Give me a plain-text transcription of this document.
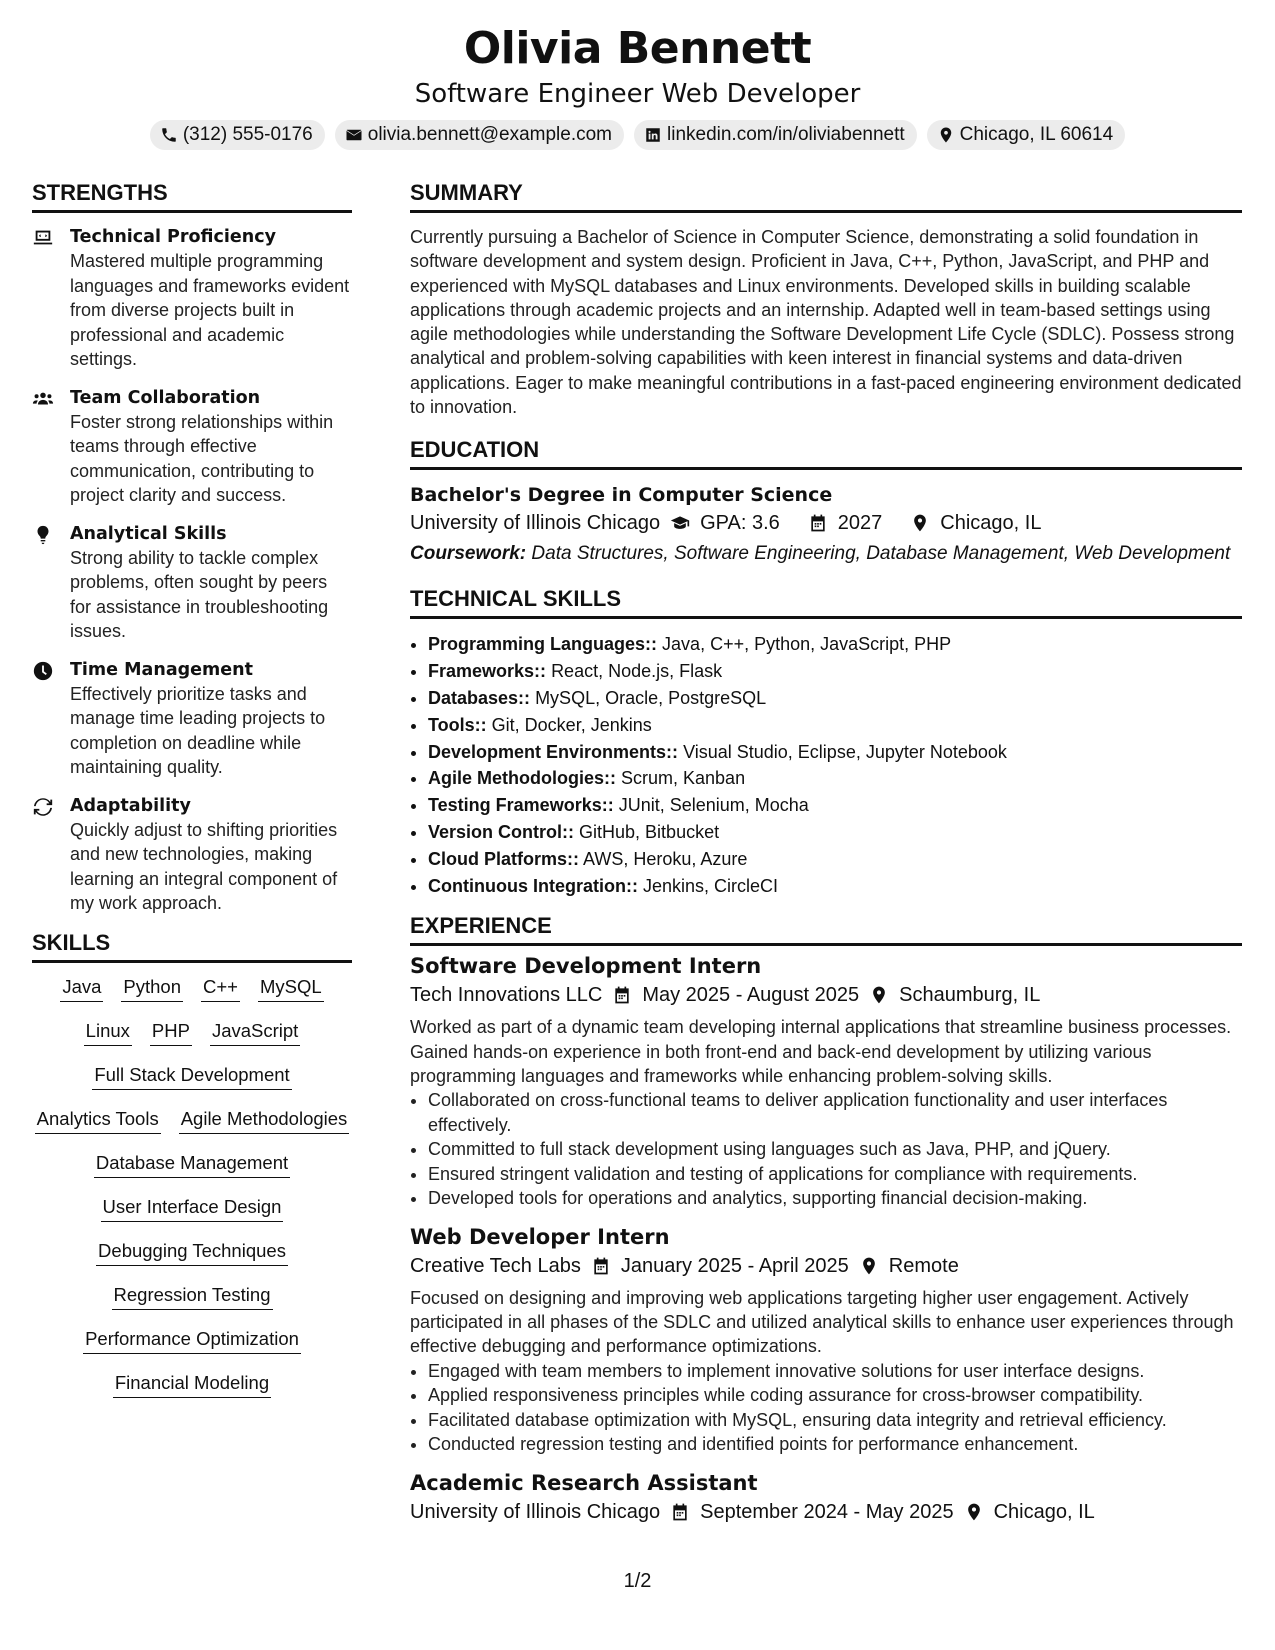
Olivia Bennett
Software Engineer Web Developer
(312) 555-0176	olivia.bennett@example.com	linkedin.com/in/oliviabennett	Chicago, IL 60614
STRENGTHS
Technical Proficiency
Mastered multiple programming languages and frameworks evident from diverse projects built in professional and academic settings.
Team Collaboration
Foster strong relationships within teams through effective communication, contributing to project clarity and success.
Analytical Skills
Strong ability to tackle complex problems, often sought by peers for assistance in troubleshooting issues.
Time Management
Effectively prioritize tasks and manage time leading projects to completion on deadline while maintaining quality.
Adaptability
Quickly adjust to shifting priorities and new technologies, making learning an integral component of my work approach.
SKILLS
Java Python C++ MySQL
Linux PHP JavaScript
Full Stack Development
Analytics Tools Agile Methodologies
Database Management
User Interface Design
Debugging Techniques
Regression Testing
Performance Optimization
Financial Modeling
SUMMARY
Currently pursuing a Bachelor of Science in Computer Science, demonstrating a solid foundation in software development and system design. Proficient in Java, C++, Python, JavaScript, and PHP and experienced with MySQL databases and Linux environments. Developed skills in building scalable applications through academic projects and an internship. Adapted well in team-based settings using agile methodologies while understanding the Software Development Life Cycle (SDLC). Possess strong analytical and problem-solving capabilities with keen interest in financial systems and data-driven applications. Eager to make meaningful contributions in a fast-paced engineering environment dedicated to innovation.
EDUCATION
Bachelor's Degree in Computer Science
University of Illinois Chicago GPA: 3.6	2027	Chicago, IL
Coursework: Data Structures, Software Engineering, Database Management, Web Development
TECHNICAL SKILLS
• Programming Languages:: Java, C++, Python, JavaScript, PHP
• Frameworks:: React, Node.js, Flask
• Databases:: MySQL, Oracle, PostgreSQL
• Tools:: Git, Docker, Jenkins
• Development Environments:: Visual Studio, Eclipse, Jupyter Notebook
• Agile Methodologies:: Scrum, Kanban
• Testing Frameworks:: JUnit, Selenium, Mocha
• Version Control:: GitHub, Bitbucket
• Cloud Platforms:: AWS, Heroku, Azure
• Continuous Integration:: Jenkins, CircleCI
EXPERIENCE
Software Development Intern
Tech Innovations LLC May 2025 - August 2025 Schaumburg, IL
Worked as part of a dynamic team developing internal applications that streamline business processes. Gained hands-on experience in both front-end and back-end development by utilizing various programming languages and frameworks while enhancing problem-solving skills.
• Collaborated on cross-functional teams to deliver application functionality and user interfaces effectively.
• Committed to full stack development using languages such as Java, PHP, and jQuery.
• Ensured stringent validation and testing of applications for compliance with requirements.
• Developed tools for operations and analytics, supporting financial decision-making.
Web Developer Intern
Creative Tech Labs January 2025 - April 2025 Remote
Focused on designing and improving web applications targeting higher user engagement. Actively participated in all phases of the SDLC and utilized analytical skills to enhance user experiences through effective debugging and performance optimizations.
• Engaged with team members to implement innovative solutions for user interface designs.
• Applied responsiveness principles while coding assurance for cross-browser compatibility.
• Facilitated database optimization with MySQL, ensuring data integrity and retrieval efficiency.
• Conducted regression testing and identified points for performance enhancement.
Academic Research Assistant
University of Illinois Chicago September 2024 - May 2025 Chicago, IL
1/2
